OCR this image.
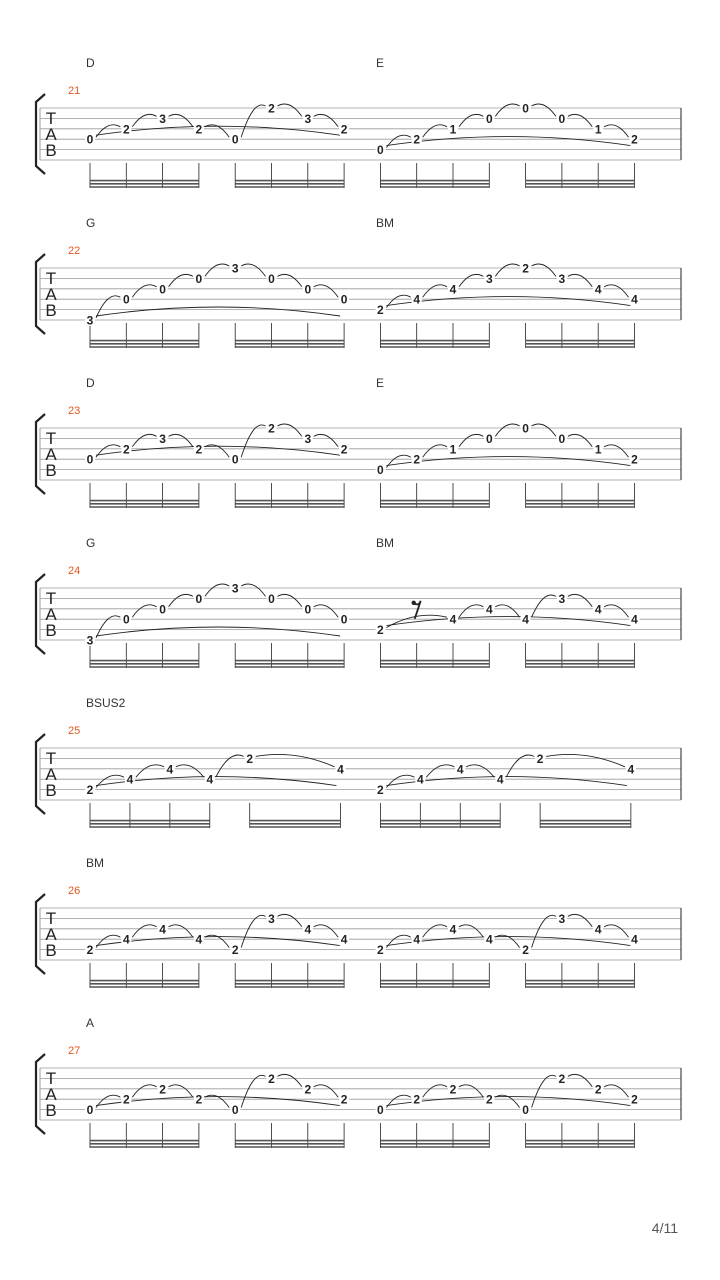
D	E
21
T
A
B
0
2
3
2
0
2
3
2
0
2
1
0
0
0
1
2
G	BM
22
T
A
B
3
0
0
0
3
0
0
0
2
4
4
3
2
3
4
4
D	E
23
T
A
B
0
2
3
2
0
2
3
2
0
2
1
0
0
0
1
2
G	BM
24
T
A
B
3
0
0
0
3
0
0
0
2
4
4
4
3
4
4
BSUS2
25
T
A
B 2
4
4
4
2
4
2
4
4
4
2
4
BM
26
T
A
B 2
4
4
4
2
3
4
4
2
4
4
4
2
3
4
4
A
27
T
A
B 0
2
2
2
0
2
2
2
0
2
2
2
0
2
2
2
4/11
